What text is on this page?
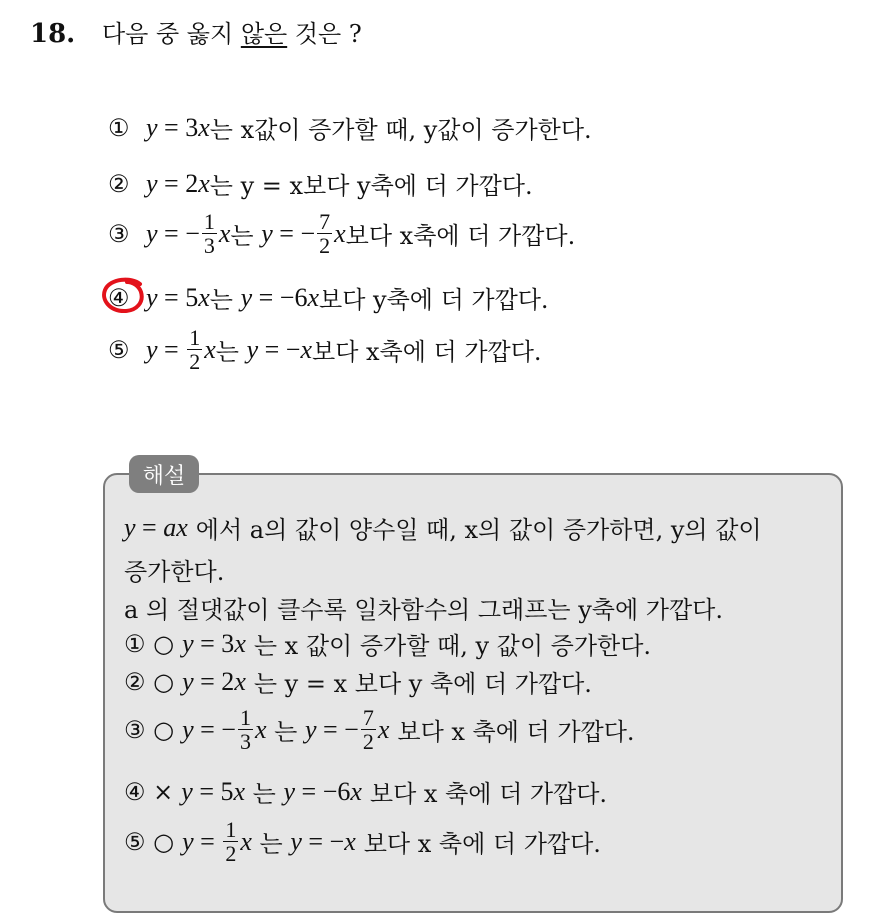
18.	다음 중 옳지 않은 것은 ?
① y = 3 x 는 x값이 증가할 때, y값이 증가한다.
② y = 2 x 는 y = x보다 y축에 더 가깝다.
③ y = − $\frac{1}{3}$ x 는 y = − $\frac{7}{2}$ x 보다 x축에 더 가깝다.
④ y = 5 x 는 y = −6 x 보다 y축에 더 가깝다.
⑤ $y = \frac{1}{2}$ x 는 y = − x 보다 x축에 더 가깝다.
해설
y = ax 에서 a의 값이 양수일 때, x의 값이 증가하면, y의 값이
증가한다.
a 의 절댓값이 클수록 일차함수의 그래프는 y축에 가깝다.
① ○ y = 3 x 는 x 값이 증가할 때, y 값이 증가한다.
② ○ y = 2 x 는 y = x 보다 y 축에 더 가깝다.
③ ○ y = − $\frac{1}{3}$ x 는 y = − $\frac{7}{2}$ x 보다 x 축에 더 가깝다.
④ × y = 5 x 는 y = −6 x 보다 x 축에 더 가깝다.
⑤ ○ $y = \frac{1}{2}$ x 는 y = − x 보다 x 축에 더 가깝다.
